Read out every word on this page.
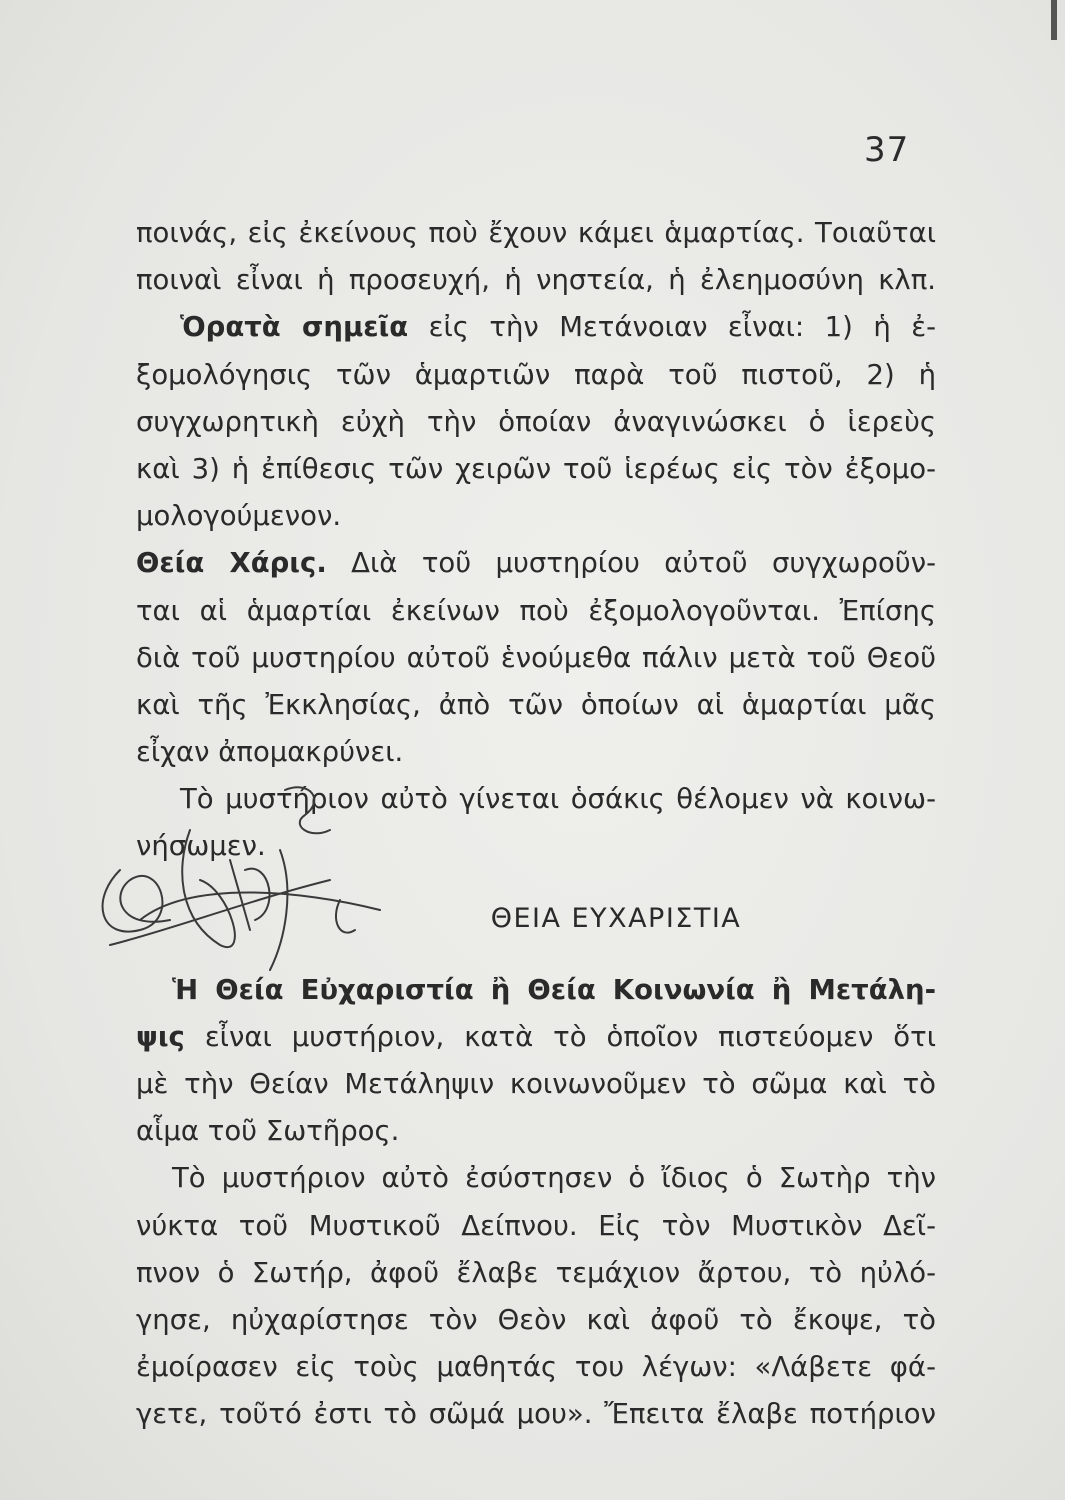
37
ποινάς, εἰς ἐκείνους ποὺ ἔχουν κάμει ἁμαρτίας. Τοιαῦται
ποιναὶ εἶναι ἡ προσευχή, ἡ νηστεία, ἡ ἐλεημοσύνη κλπ.
Ὁρατὰ σημεῖα εἰς τὴν Μετάνοιαν εἶναι: 1) ἡ ἐ-
ξομολόγησις τῶν ἁμαρτιῶν παρὰ τοῦ πιστοῦ, 2) ἡ
συγχωρητικὴ εὐχὴ τὴν ὁποίαν ἀναγινώσκει ὁ ἱερεὺς
καὶ 3) ἡ ἐπίθεσις τῶν χειρῶν τοῦ ἱερέως εἰς τὸν ἐξομο-
μολογούμενον.
Θεία Χάρις. Διὰ τοῦ μυστηρίου αὐτοῦ συγχωροῦν-
ται αἱ ἁμαρτίαι ἐκείνων ποὺ ἐξομολογοῦνται. Ἐπίσης
διὰ τοῦ μυστηρίου αὐτοῦ ἑνούμεθα πάλιν μετὰ τοῦ Θεοῦ
καὶ τῆς Ἐκκλησίας, ἀπὸ τῶν ὁποίων αἱ ἁμαρτίαι μᾶς
εἶχαν ἀπομακρύνει.
Τὸ μυστήριον αὐτὸ γίνεται ὁσάκις θέλομεν νὰ κοινω-
νήσωμεν.
ΘΕΙΑ ΕΥΧΑΡΙΣΤΙΑ
Ἡ Θεία Εὐχαριστία ἢ Θεία Κοινωνία ἢ Μετάλη-
ψις εἶναι μυστήριον, κατὰ τὸ ὁποῖον πιστεύομεν ὅτι
μὲ τὴν Θείαν Μετάληψιν κοινωνοῦμεν τὸ σῶμα καὶ τὸ
αἷμα τοῦ Σωτῆρος.
Τὸ μυστήριον αὐτὸ ἐσύστησεν ὁ ἴδιος ὁ Σωτὴρ τὴν
νύκτα τοῦ Μυστικοῦ Δείπνου. Εἰς τὸν Μυστικὸν Δεῖ-
πνον ὁ Σωτήρ, ἀφοῦ ἔλαβε τεμάχιον ἄρτου, τὸ ηὐλό-
γησε, ηὐχαρίστησε τὸν Θεὸν καὶ ἀφοῦ τὸ ἔκοψε, τὸ
ἐμοίρασεν εἰς τοὺς μαθητάς του λέγων: «Λάβετε φά-
γετε, τοῦτό ἐστι τὸ σῶμά μου». Ἔπειτα ἔλαβε ποτήριον
